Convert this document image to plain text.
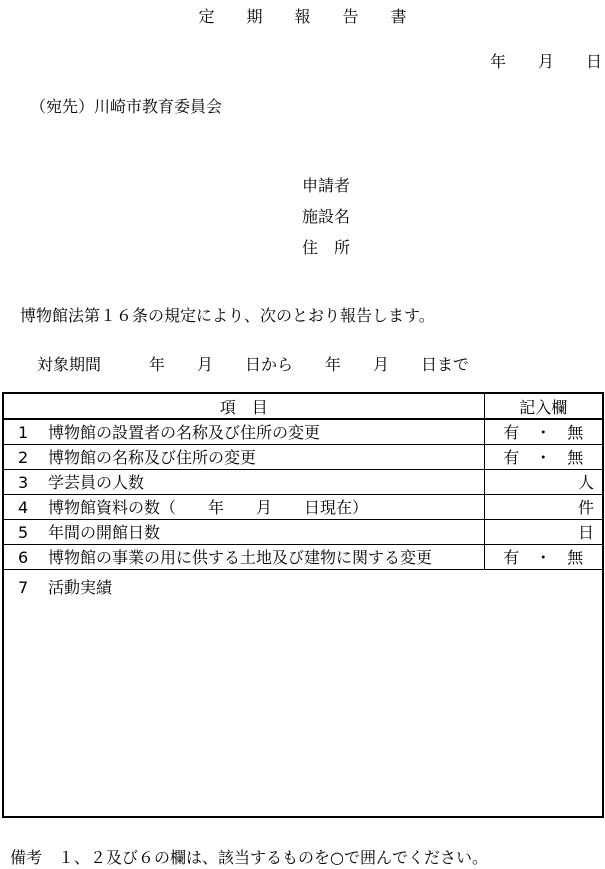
定期報告書
年　　月　　日
（宛先）川崎市教育委員会
申請者
施設名
住　所
博物館法第１６条の規定により、次のとおり報告します。
対象期間　　　年　　月　　日から　　年　　月　　日まで
項　目	記入欄
1 博物館の設置者の名称及び住所の変更	有　・　無
2 博物館の名称及び住所の変更	有　・　無
3 学芸員の人数	人
4 博物館資料の数（　　年　　月　　日現在）	件
5 年間の開館日数	日
6 博物館の事業の用に供する土地及び建物に関する変更	有　・　無
7 活動実績	
備考　１、２及び６の欄は、該当するものを○で囲んでください。
